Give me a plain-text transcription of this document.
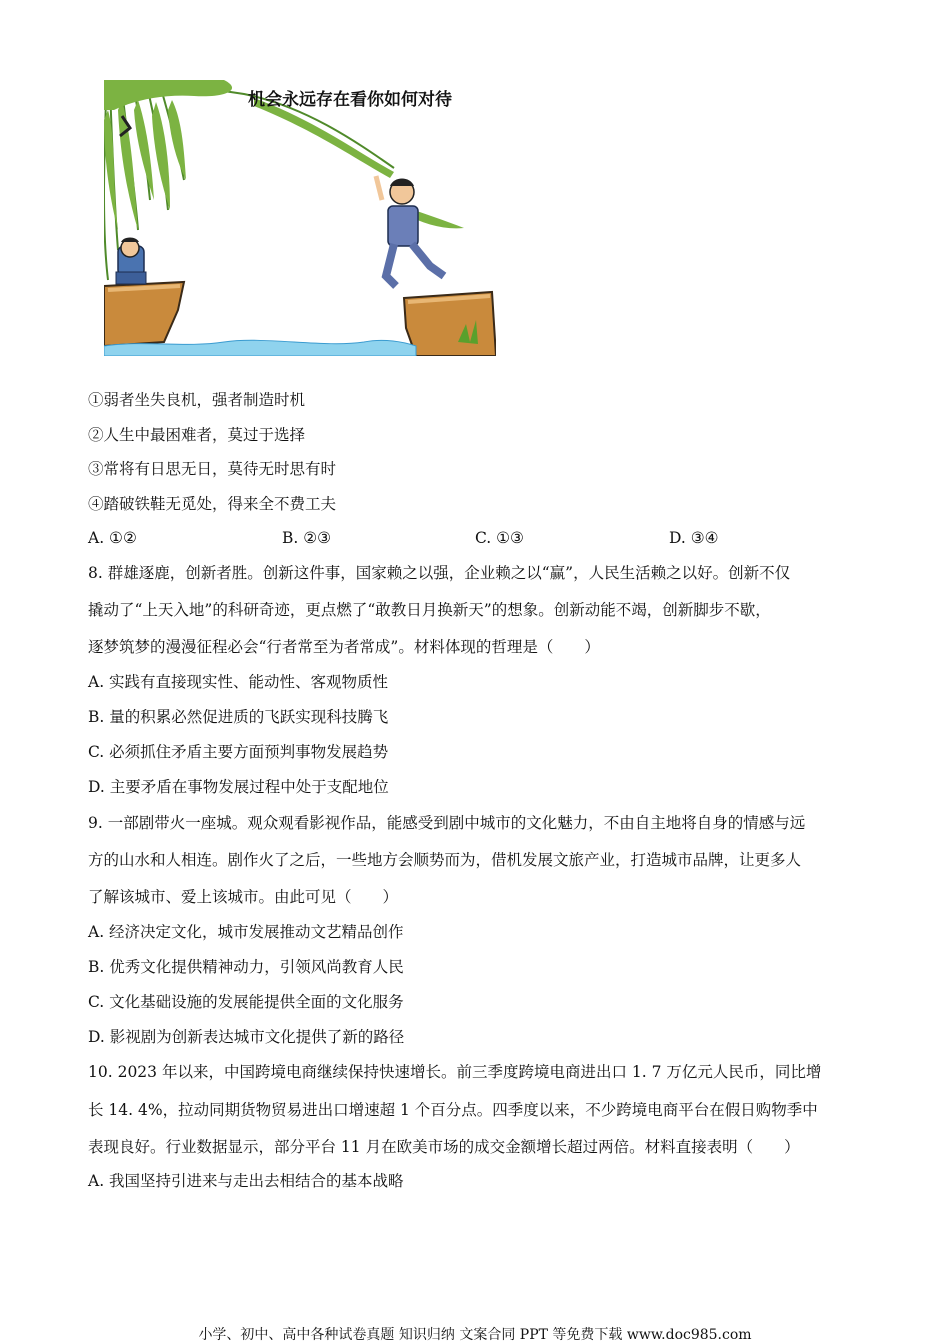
机会永远存在看你如何对待
①弱者坐失良机，强者制造时机
②人生中最困难者，莫过于选择
③常将有日思无日，莫待无时思有时
④踏破铁鞋无觅处，得来全不费工夫
A. ①②	B. ②③	C. ①③	D. ③④
8. 群雄逐鹿，创新者胜。创新这件事，国家赖之以强，企业赖之以“赢”，人民生活赖之以好。创新不仅
撬动了“上天入地”的科研奇迹，更点燃了“敢教日月换新天”的想象。创新动能不竭，创新脚步不歇，
逐梦筑梦的漫漫征程必会“行者常至为者常成”。材料体现的哲理是（　　）
A. 实践有直接现实性、能动性、客观物质性
B. 量的积累必然促进质的飞跃实现科技腾飞
C. 必须抓住矛盾主要方面预判事物发展趋势
D. 主要矛盾在事物发展过程中处于支配地位
9. 一部剧带火一座城。观众观看影视作品，能感受到剧中城市的文化魅力，不由自主地将自身的情感与远
方的山水和人相连。剧作火了之后，一些地方会顺势而为，借机发展文旅产业，打造城市品牌，让更多人
了解该城市、爱上该城市。由此可见（　　）
A. 经济决定文化，城市发展推动文艺精品创作
B. 优秀文化提供精神动力，引领风尚教育人民
C. 文化基础设施的发展能提供全面的文化服务
D. 影视剧为创新表达城市文化提供了新的路径
10. 2023 年以来，中国跨境电商继续保持快速增长。前三季度跨境电商进出口 1. 7 万亿元人民币，同比增
长 14. 4%，拉动同期货物贸易进出口增速超 1 个百分点。四季度以来，不少跨境电商平台在假日购物季中
表现良好。行业数据显示，部分平台 11 月在欧美市场的成交金额增长超过两倍。材料直接表明（　　）
A. 我国坚持引进来与走出去相结合的基本战略
小学、初中、高中各种试卷真题 知识归纳 文案合同 PPT 等免费下载 www.doc985.com
